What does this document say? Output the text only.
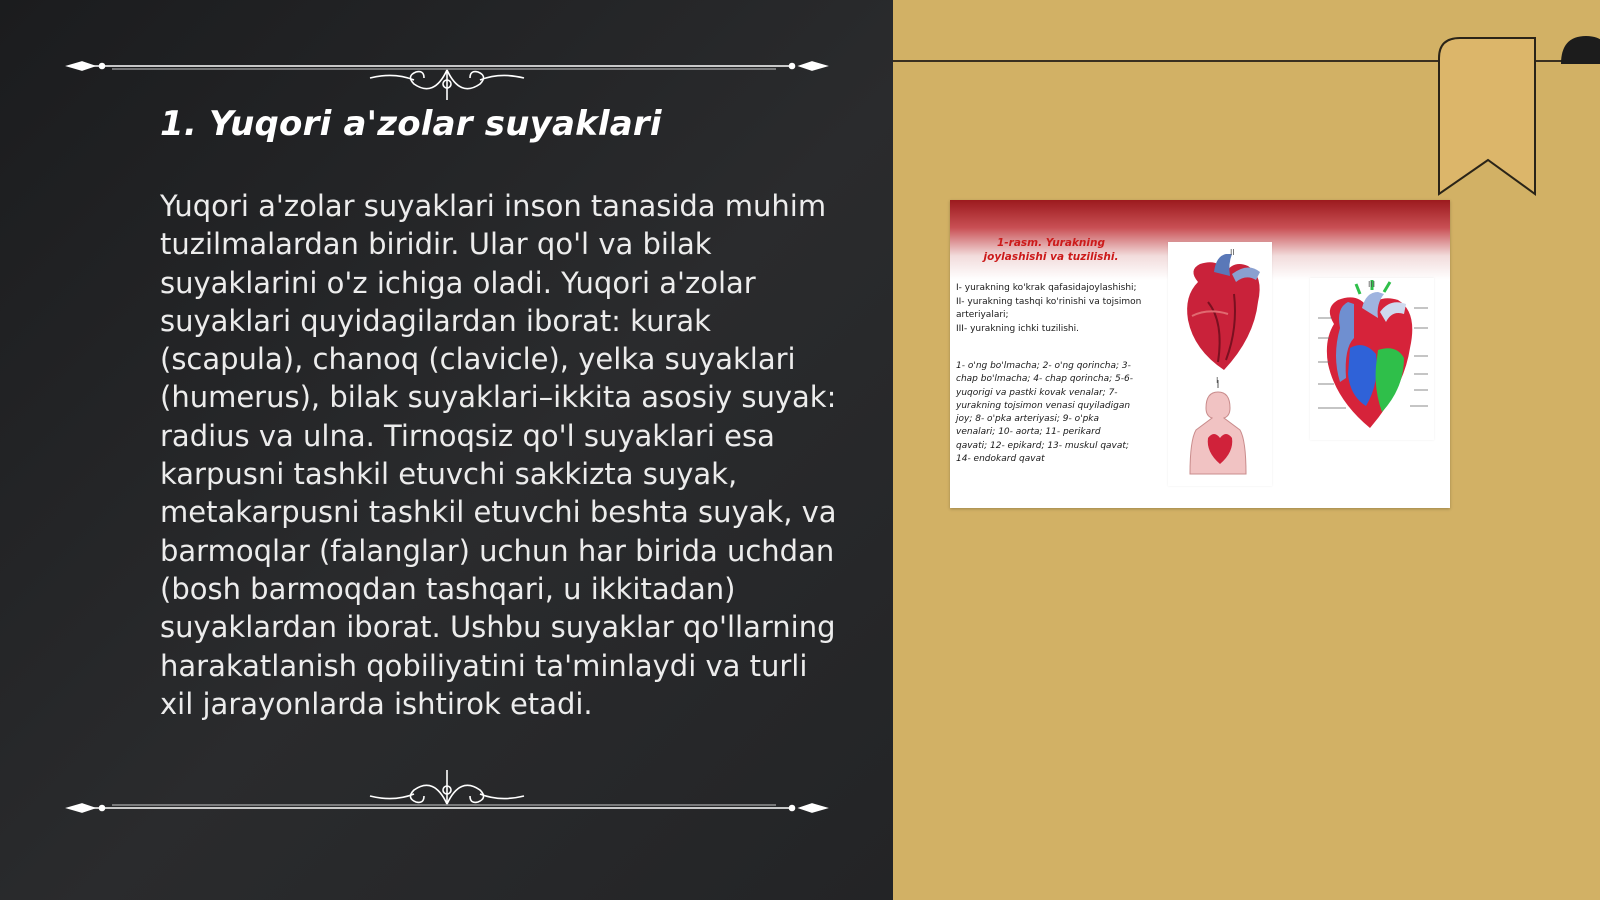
1. Yuqori a'zolar suyaklari

Yuqori a'zolar suyaklari inson tanasida muhim tuzilmalardan biridir. Ular qo'l va bilak suyaklarini o'z ichiga oladi. Yuqori a'zolar suyaklari quyidagilardan iborat: kurak (scapula), chanoq (clavicle), yelka suyaklari (humerus), bilak suyaklari–ikkita asosiy suyak: radius va ulna. Tirnoqsiz qo'l suyaklari esa karpusni tashkil etuvchi sakkizta suyak, metakarpusni tashkil etuvchi beshta suyak, va barmoqlar (falanglar) uchun har birida uchdan (bosh barmoqdan tashqari, u ikkitadan) suyaklardan iborat. Ushbu suyaklar qo'llarning harakatlanish qobiliyatini ta'minlaydi va turli xil jarayonlarda ishtirok etadi.

1-rasm. Yurakning joylashishi va tuzilishi.

I- yurakning ko'krak qafasidajoylashishi;
II- yurakning tashqi ko'rinishi va tojsimon arteriyalari;
III- yurakning ichki tuzilishi.

1- o'ng bo'lmacha; 2- o'ng qorincha; 3- chap bo'lmacha; 4- chap qorincha; 5-6- yuqorigi va pastki kovak venalar; 7- yurakning tojsimon venasi quyiladigan joy; 8- o'pka arteriyasi; 9- o'pka venalari; 10- aorta; 11- perikard qavati; 12- epikard; 13- muskul qavat; 14- endokard qavat

II
I
III
